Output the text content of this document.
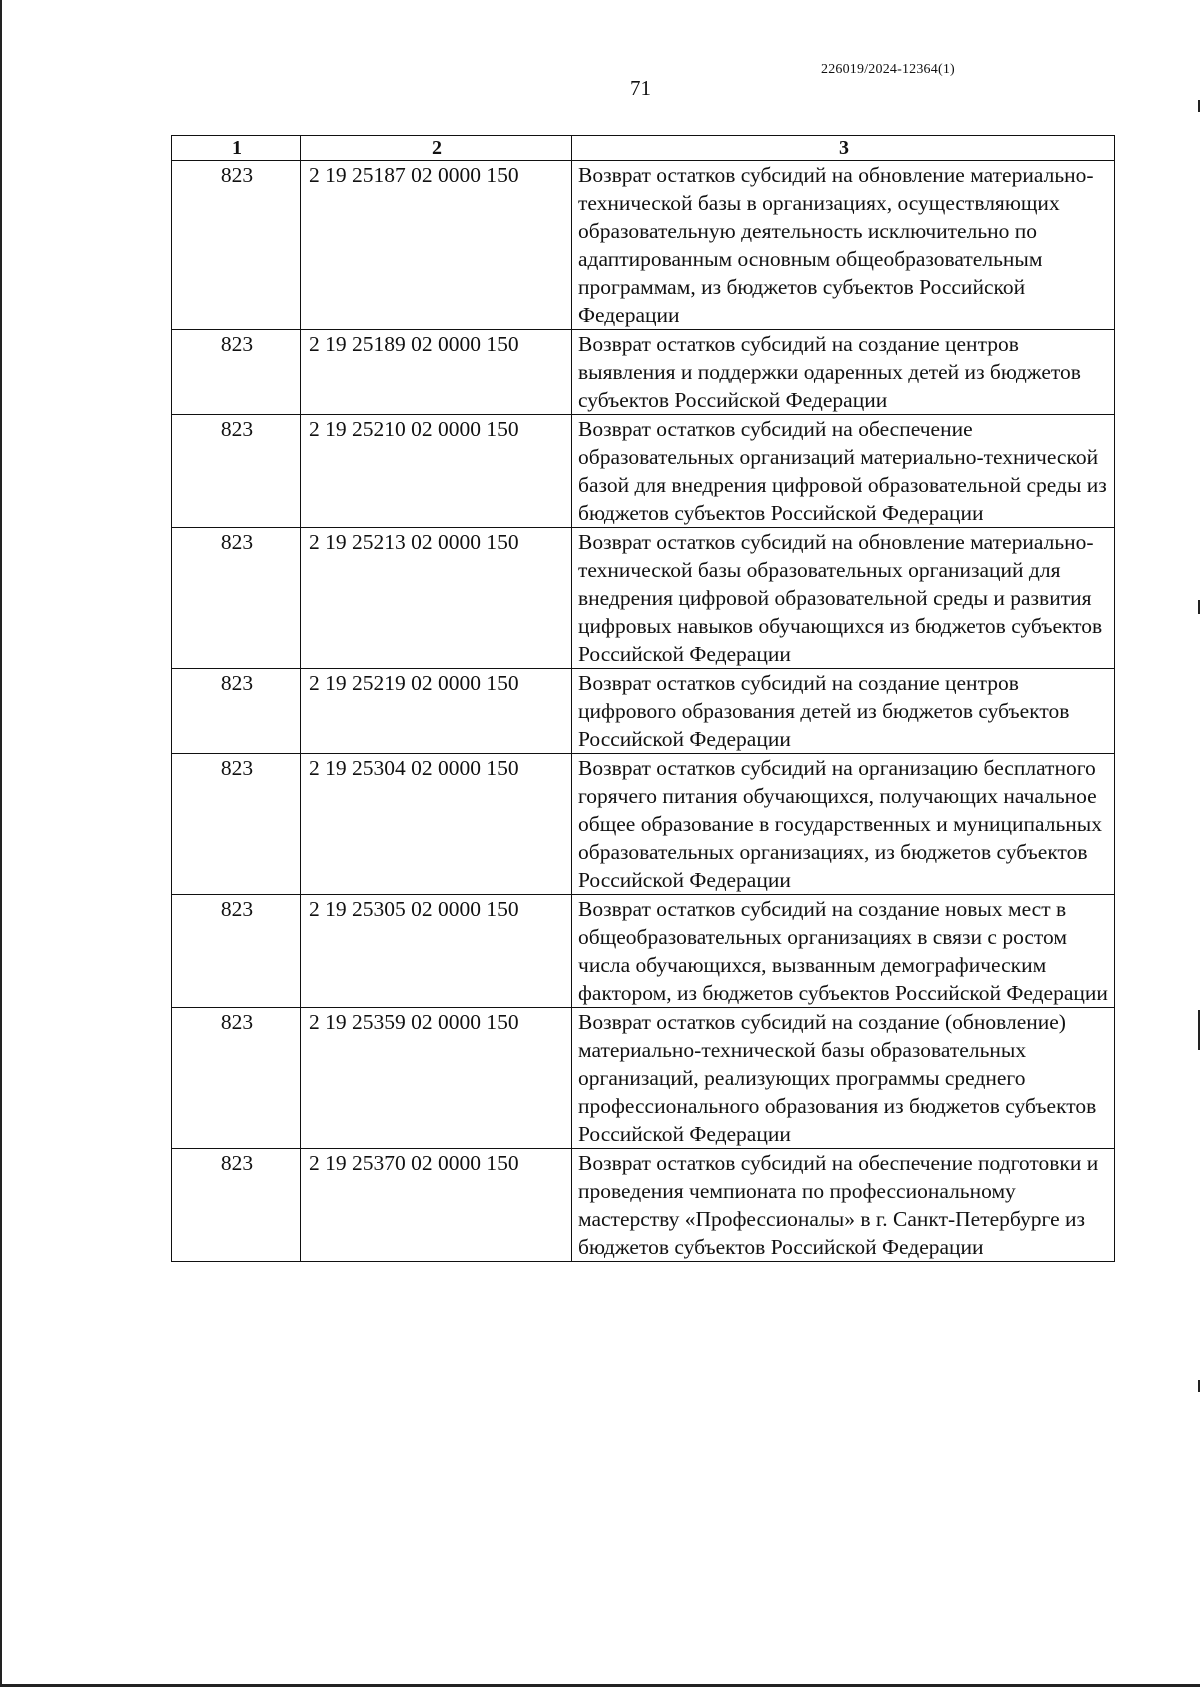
226019/2024-12364(1)
71
1	2	3
823	2 19 25187 02 0000 150	Возврат остатков субсидий на обновление материально-технической базы в организациях, осуществляющих образовательную деятельность исключительно по адаптированным основным общеобразовательным программам, из бюджетов субъектов Российской Федерации
823	2 19 25189 02 0000 150	Возврат остатков субсидий на создание центров выявления и поддержки одаренных детей из бюджетов субъектов Российской Федерации
823	2 19 25210 02 0000 150	Возврат остатков субсидий на обеспечение образовательных организаций материально-технической базой для внедрения цифровой образовательной среды из бюджетов субъектов Российской Федерации
823	2 19 25213 02 0000 150	Возврат остатков субсидий на обновление материально-технической базы образовательных организаций для внедрения цифровой образовательной среды и развития цифровых навыков обучающихся из бюджетов субъектов Российской Федерации
823	2 19 25219 02 0000 150	Возврат остатков субсидий на создание центров цифрового образования детей из бюджетов субъектов Российской Федерации
823	2 19 25304 02 0000 150	Возврат остатков субсидий на организацию бесплатного горячего питания обучающихся, получающих начальное общее образование в государственных и муниципальных образовательных организациях, из бюджетов субъектов Российской Федерации
823	2 19 25305 02 0000 150	Возврат остатков субсидий на создание новых мест в общеобразовательных организациях в связи с ростом числа обучающихся, вызванным демографическим фактором, из бюджетов субъектов Российской Федерации
823	2 19 25359 02 0000 150	Возврат остатков субсидий на создание (обновление) материально-технической базы образовательных организаций, реализующих программы среднего профессионального образования из бюджетов субъектов Российской Федерации
823	2 19 25370 02 0000 150	Возврат остатков субсидий на обеспечение подготовки и проведения чемпионата по профессиональному мастерству «Профессионалы» в г. Санкт-Петербурге из бюджетов субъектов Российской Федерации
